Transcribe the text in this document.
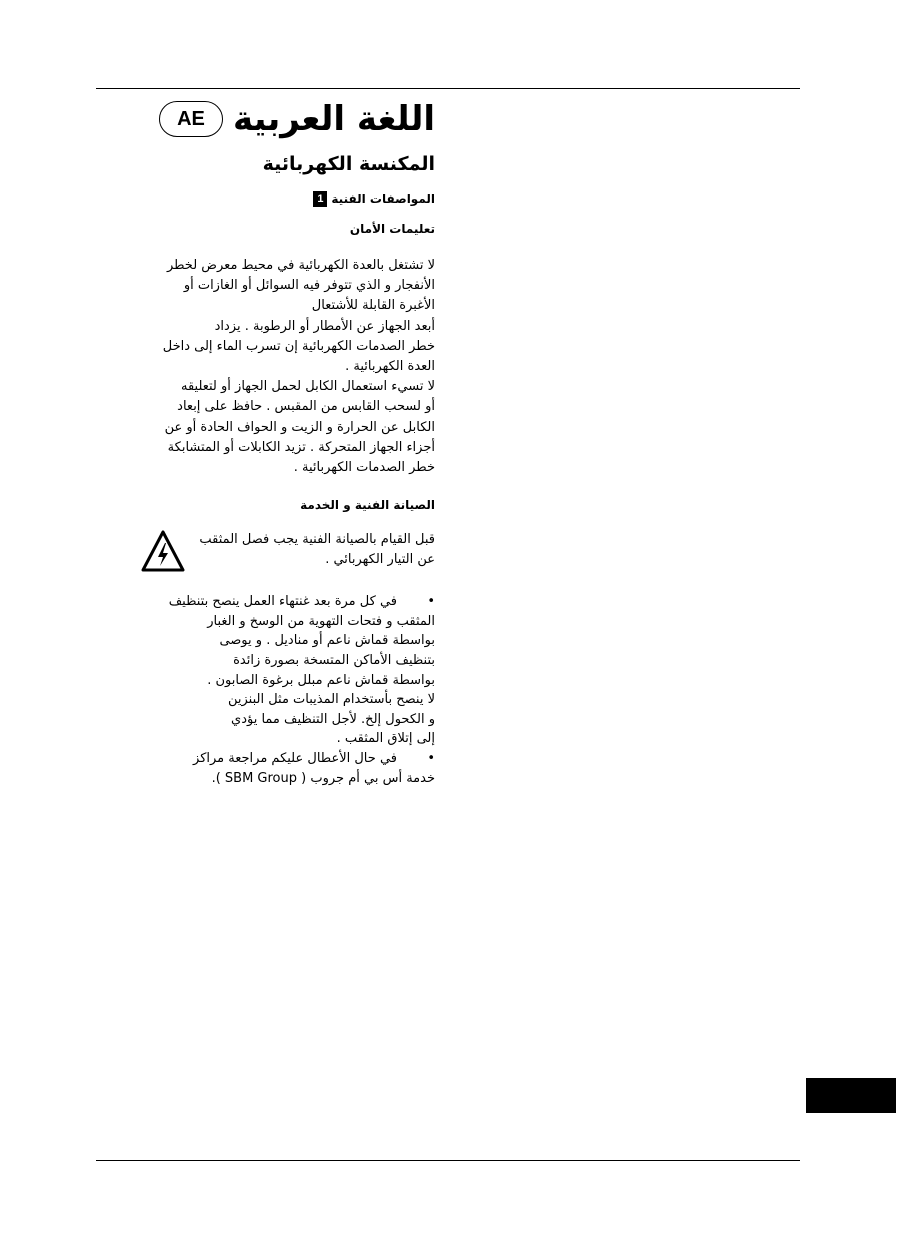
اللغة العربية
AE
المكنسة الكهربائية
المواصفات الفنية
1
تعليمات الأمان

لا تشتغل بالعدة الكهربائية في محيط معرض لخطر

الأنفجار و الذي تتوفر فيه السوائل أو الغازات أو

الأغبرة القابلة للأشتعال

أبعد الجهاز عن الأمطار أو الرطوبة . يزداد

خطر الصدمات الكهربائية إن تسرب الماء إلى داخل

العدة الكهربائية .

لا تسيء استعمال الكابل لحمل الجهاز أو لتعليقه

أو لسحب القابس من المقبس . حافظ على إبعاد

الكابل عن الحرارة و الزيت و الحواف الحادة أو عن

أجزاء الجهاز المتحركة . تزيد الكابلات أو المتشابكة

خطر الصدمات الكهربائية .

الصيانة الفنية و الخدمة
قبل القيام بالصيانة الفنية يجب فصل المثقب
عن التيار الكهربائي .
•
في كل مرة بعد غنتهاء العمل ينصح بتنظيف
المثقب و فتحات التهوية من الوسخ و الغبار
بواسطة قماش ناعم أو مناديل . و يوصى
بتنظيف الأماكن المتسخة بصورة زائدة
بواسطة قماش ناعم مبلل برغوة الصابون .
لا ينصح بأستخدام المذيبات مثل البنزين
و الكحول إلخ. لأجل التنظيف مما يؤدي
إلى إتلاق المثقب .
•
في حال الأعطال عليكم مراجعة مراكز
خدمة أس بي أم جروب ( SBM Group ).
